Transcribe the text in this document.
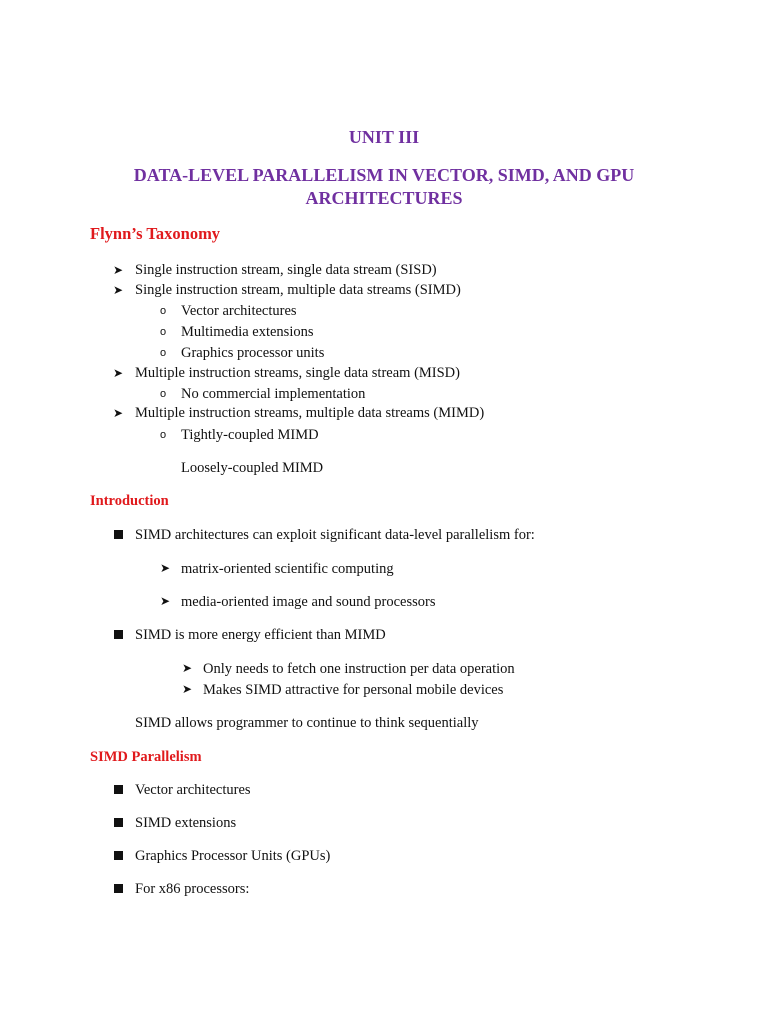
UNIT III
DATA-LEVEL PARALLELISM IN VECTOR, SIMD, AND GPU
ARCHITECTURES
Flynn’s Taxonomy
➤ Single instruction stream, single data stream (SISD)
➤ Single instruction stream, multiple data streams (SIMD)
o Vector architectures
o Multimedia extensions
o Graphics processor units
➤ Multiple instruction streams, single data stream (MISD)
o No commercial implementation
➤ Multiple instruction streams, multiple data streams (MIMD)
o Tightly-coupled MIMD
Loosely-coupled MIMD
Introduction
SIMD architectures can exploit significant data-level parallelism for:
➤ matrix-oriented scientific computing
➤ media-oriented image and sound processors
SIMD is more energy efficient than MIMD
➤ Only needs to fetch one instruction per data operation
➤ Makes SIMD attractive for personal mobile devices
SIMD allows programmer to continue to think sequentially
SIMD Parallelism
Vector architectures
SIMD extensions
Graphics Processor Units (GPUs)
For x86 processors:
